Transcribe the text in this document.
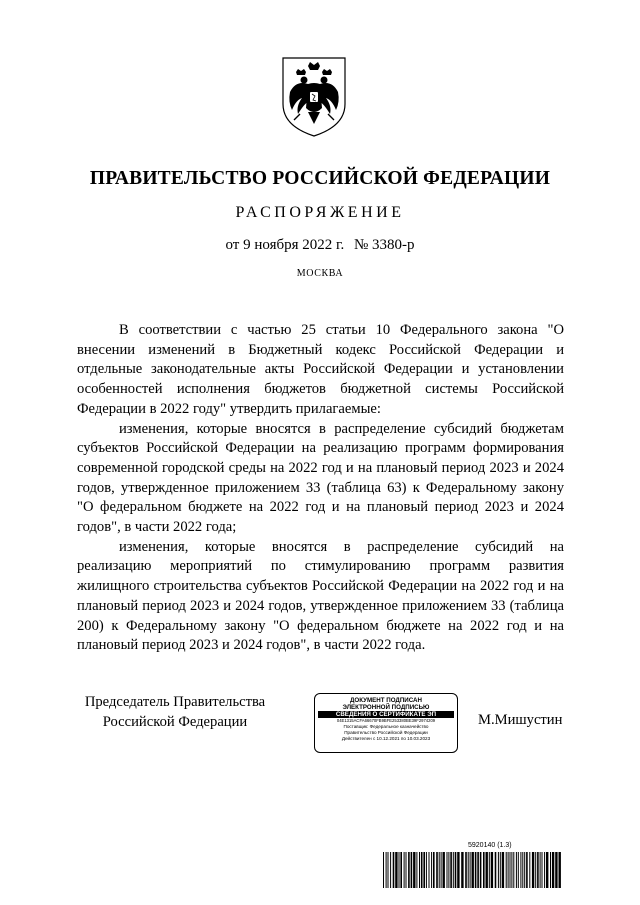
ПРАВИТЕЛЬСТВО РОССИЙСКОЙ ФЕДЕРАЦИИ
РАСПОРЯЖЕНИЕ
от 9 ноября 2022 г. № 3380-р
МОСКВА

В соответствии с частью 25 статьи 10 Федерального закона "О внесении изменений в Бюджетный кодекс Российской Федерации и отдельные законодательные акты Российской Федерации и установлении особенностей исполнения бюджетов бюджетной системы Российской Федерации в 2022 году" утвердить прилагаемые:

изменения, которые вносятся в распределение субсидий бюджетам субъектов Российской Федерации на реализацию программ формирования современной городской среды на 2022 год и на плановый период 2023 и 2024 годов, утвержденное приложением 33 (таблица 63) к Федеральному закону "О федеральном бюджете на 2022 год и на плановый период 2023 и 2024 годов", в части 2022 года;

изменения, которые вносятся в распределение субсидий на реализацию мероприятий по стимулированию программ развития жилищного строительства субъектов Российской Федерации на 2022 год и на плановый период 2023 и 2024 годов, утвержденное приложением 33 (таблица 200) к Федеральному закону "О федеральном бюджете на 2022 год и на плановый период 2023 и 2024 годов", в части 2022 года.

Председатель Правительства
Российской Федерации
ДОКУМЕНТ ПОДПИСАН
ЭЛЕКТРОННОЙ ПОДПИСЬЮ
СВЕДЕНИЯ О СЕРТИФИКАТЕ ЭП
04E1315ACFA66670FB9BFE253380BE39F2974209
Поставщик: Федеральное казначейство
Правительство Российской Федерации
Действителен с 10.12.2021 по 10.03.2023
М.Мишустин
5920140 (1.3)
